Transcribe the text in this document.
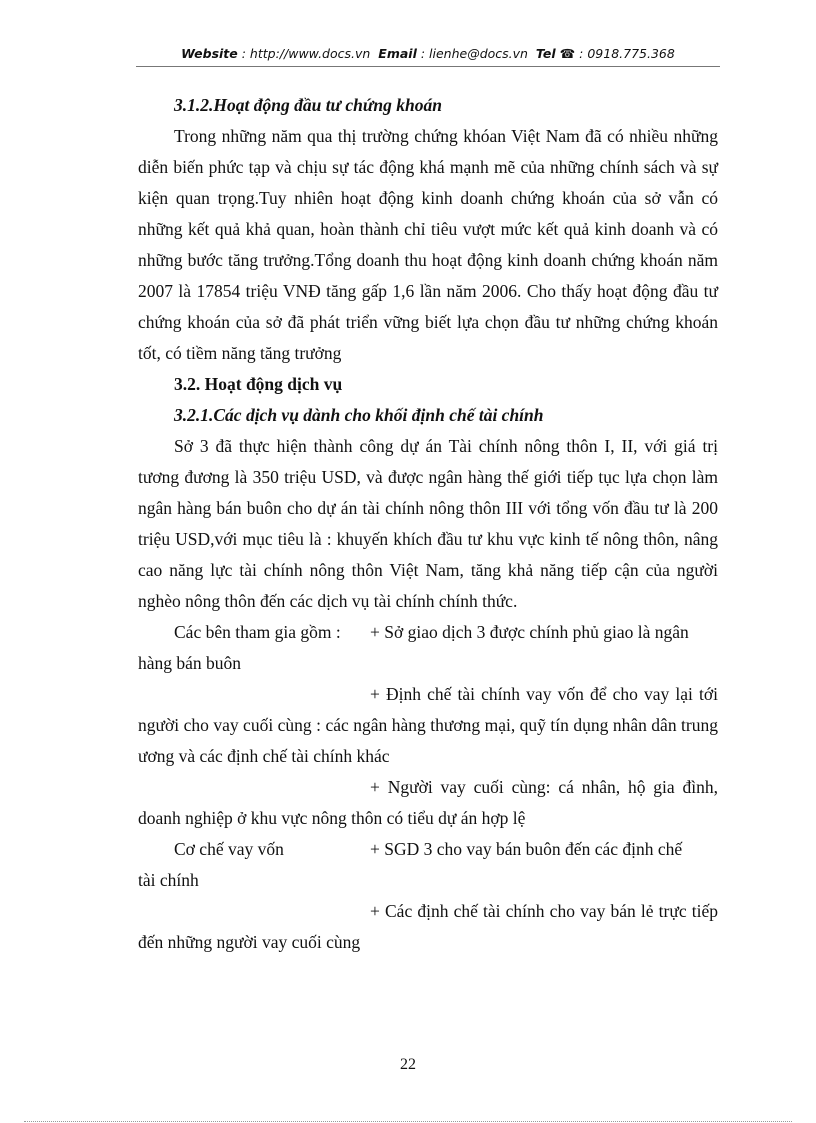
Website : http://www.docs.vn Email : lienhe@docs.vn Tel ☎ : 0918.775.368

3.1.2.Hoạt động đầu tư chứng khoán

Trong những năm qua thị trường chứng khóan Việt Nam đã có nhiều những diễn biến phức tạp và chịu sự tác động khá mạnh mẽ của những chính sách và sự kiện quan trọng.Tuy nhiên hoạt động kinh doanh chứng khoán của sở vẫn có những kết quả khả quan, hoàn thành chỉ tiêu vượt mức kết quả kinh doanh và có những bước tăng trưởng.Tổng doanh thu hoạt động kinh doanh chứng khoán năm 2007 là 17854 triệu VNĐ tăng gấp 1,6 lần năm 2006. Cho thấy hoạt động đầu tư chứng khoán của sở đã phát triển vững biết lựa chọn đầu tư những chứng khoán tốt, có tiềm năng tăng trưởng

3.2. Hoạt động dịch vụ

3.2.1.Các dịch vụ dành cho khối định chế tài chính

Sở 3 đã thực hiện thành công dự án Tài chính nông thôn I, II, với giá trị tương đương là 350 triệu USD, và được ngân hàng thế giới tiếp tục lựa chọn làm ngân hàng bán buôn cho dự án tài chính nông thôn III với tổng vốn đầu tư là 200 triệu USD,với mục tiêu là : khuyến khích đầu tư khu vực kinh tế nông thôn, nâng cao năng lực tài chính nông thôn Việt Nam, tăng khả năng tiếp cận của người nghèo nông thôn đến các dịch vụ tài chính chính thức.

Các bên tham gia gồm :	+ Sở giao dịch 3 được chính phủ giao là ngân

hàng bán buôn

+ Định chế tài chính vay vốn để cho vay lại tới người cho vay cuối cùng : các ngân hàng thương mại, quỹ tín dụng nhân dân trung ương và các định chế tài chính khác

+ Người vay cuối cùng: cá nhân, hộ gia đình, doanh nghiệp ở khu vực nông thôn có tiểu dự án hợp lệ

Cơ chế vay vốn	+ SGD 3 cho vay bán buôn đến các định chế

tài chính

+ Các định chế tài chính cho vay bán lẻ trực tiếp đến những người vay cuối cùng

22
